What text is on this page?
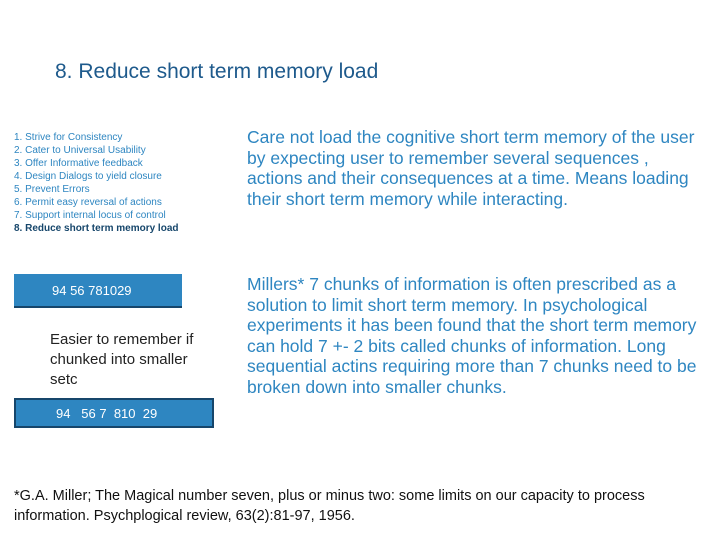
8. Reduce short term memory load
1. Strive for Consistency
2. Cater to Universal Usability
3. Offer Informative feedback
4. Design Dialogs to yield closure
5. Prevent Errors
6. Permit easy reversal of actions
7. Support internal locus of control
8. Reduce short term memory load
94 56 781029
Easier to remember if chunked into smaller setc
94   56 7  810  29
Care not load the cognitive short term memory of the user by expecting user to remember several sequences , actions and their consequences at a time. Means loading their short term memory while interacting.
Millers* 7 chunks of information is often prescribed as a solution to limit short term memory. In psychological experiments it has been found that the short term memory can hold 7 +- 2 bits called chunks of information. Long sequential actins requiring more than 7 chunks need to be broken down into smaller chunks.
*G.A. Miller; The Magical number seven, plus or minus two: some limits on our capacity to process information. Psychplogical review, 63(2):81-97, 1956.
